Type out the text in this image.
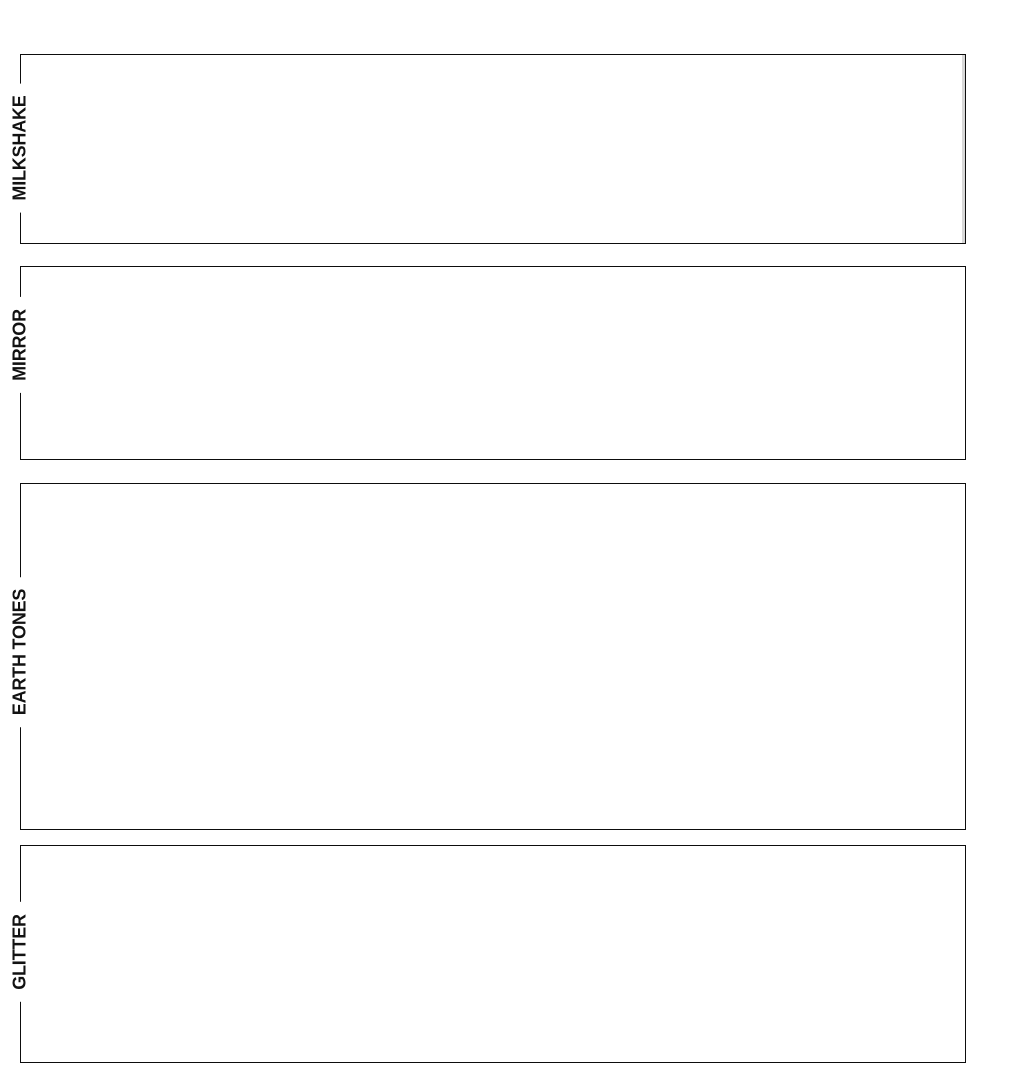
MILKSHAKE
MIRROR
EARTH TONES
GLITTER
